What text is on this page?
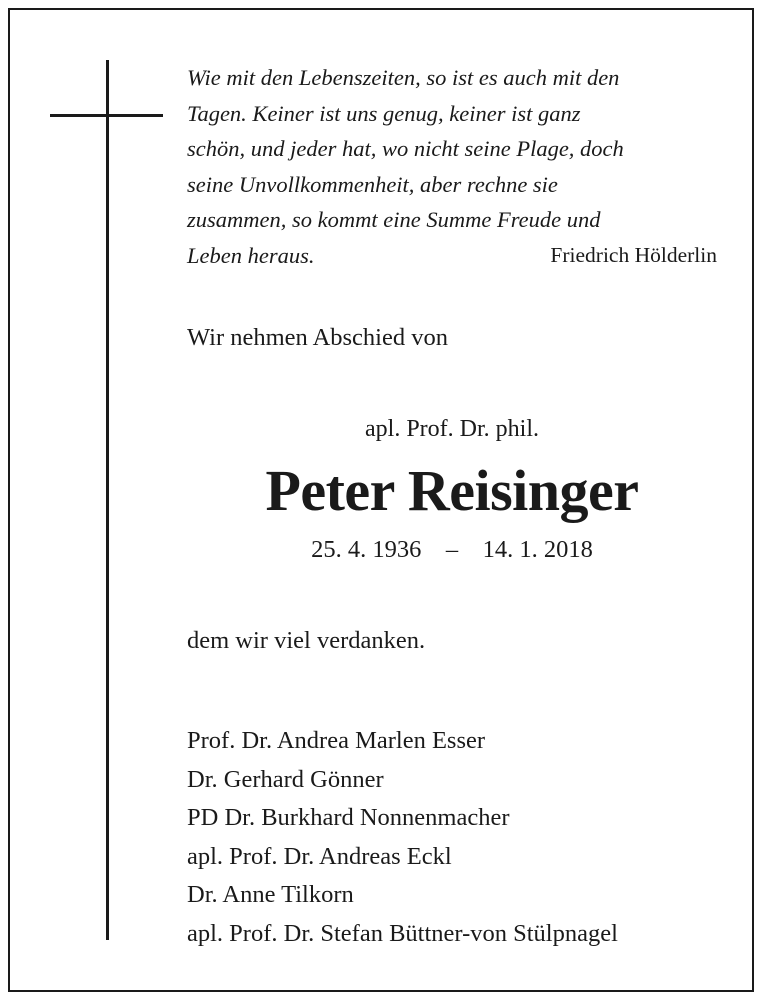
Wie mit den Lebenszeiten, so ist es auch mit den
Tagen. Keiner ist uns genug, keiner ist ganz
schön, und jeder hat, wo nicht seine Plage, doch
seine Unvollkommenheit, aber rechne sie
zusammen, so kommt eine Summe Freude und
Leben heraus.	Friedrich Hölderlin
Wir nehmen Abschied von
apl. Prof. Dr. phil.
Peter Reisinger
25. 4. 1936    –    14. 1. 2018
dem wir viel verdanken.
Prof. Dr. Andrea Marlen Esser
Dr. Gerhard Gönner
PD Dr. Burkhard Nonnenmacher
apl. Prof. Dr. Andreas Eckl
Dr. Anne Tilkorn
apl. Prof. Dr. Stefan Büttner-von Stülpnagel
